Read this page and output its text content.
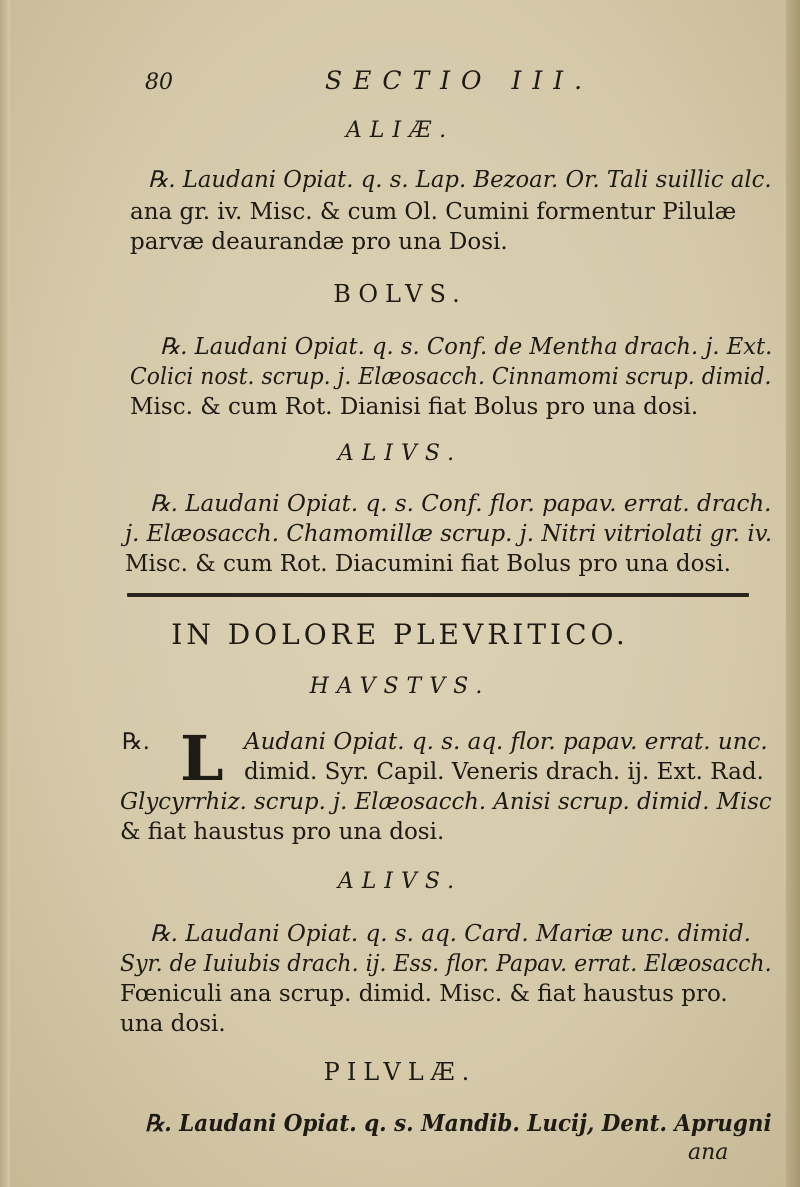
80	SECTIO III.
ALIÆ.
℞. Laudani Opiat. q. s. Lap. Bezoar. Or. Tali suillic alc.
ana gr. iv. Misc. & cum Ol. Cumini formentur Pilulæ
parvæ deaurandæ pro una Dosi.
BOLVS.
℞. Laudani Opiat. q. s. Conf. de Mentha drach. j. Ext.
Colici nost. scrup. j. Elæosacch. Cinnamomi scrup. dimid.
Misc. & cum Rot. Dianisi fiat Bolus pro una dosi.
ALIVS.
℞. Laudani Opiat. q. s. Conf. flor. papav. errat. drach.
j. Elæosacch. Chamomillæ scrup. j. Nitri vitriolati gr. iv.
Misc. & cum Rot. Diacumini fiat Bolus pro una dosi.
IN DOLORE PLEVRITICO.
HAVSTVS.
℞. L Audani Opiat. q. s. aq. flor. papav. errat. unc.
dimid. Syr. Capil. Veneris drach. ij. Ext. Rad.
Glycyrrhiz. scrup. j. Elæosacch. Anisi scrup. dimid. Misc
& fiat haustus pro una dosi.
ALIVS.
℞. Laudani Opiat. q. s. aq. Card. Mariæ unc. dimid.
Syr. de Iuiubis drach. ij. Ess. flor. Papav. errat. Elæosacch.
Fœniculi ana scrup. dimid. Misc. & fiat haustus pro.
una dosi.
PILVLÆ.
℞. Laudani Opiat. q. s. Mandib. Lucij, Dent. Aprugni
ana
